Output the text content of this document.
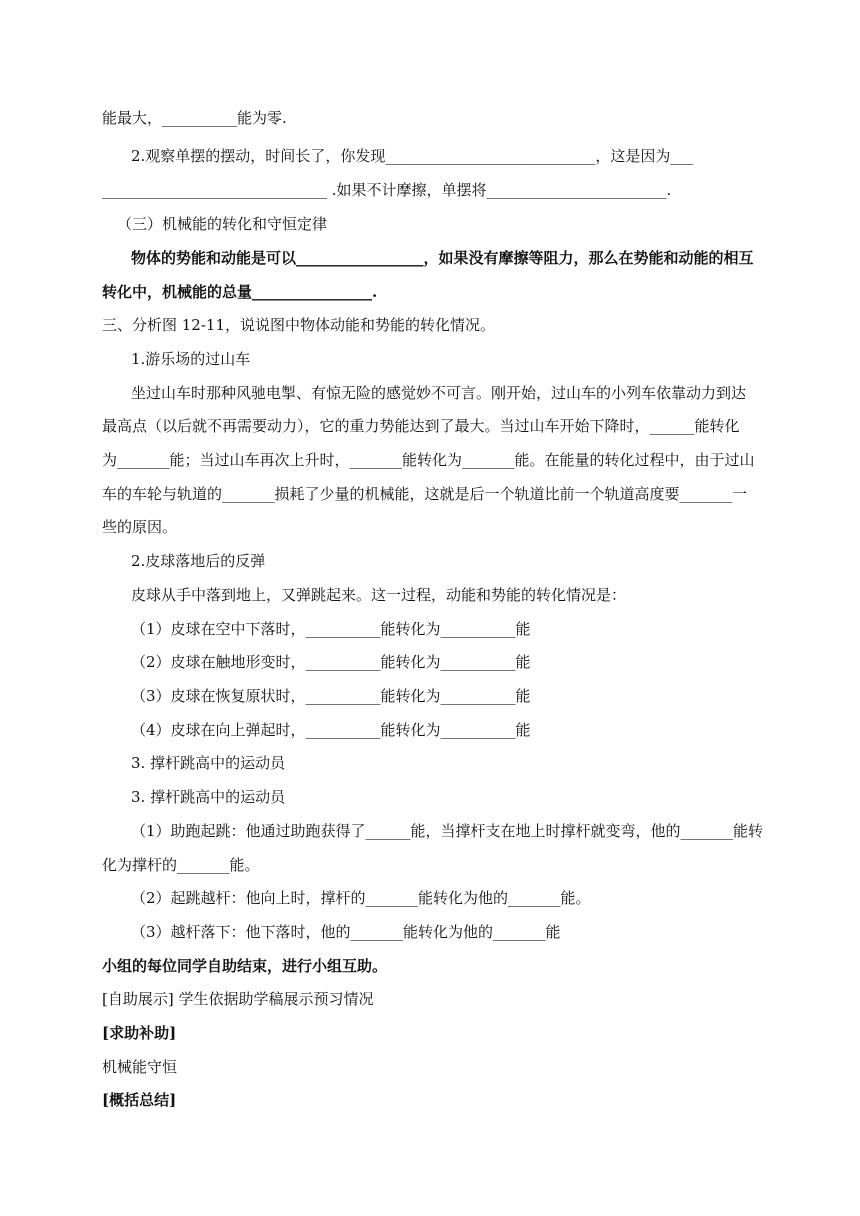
能最大，__________能为零.
2.观察单摆的摆动，时间长了，你发现____________________________，这是因为___
______________________________ .如果不计摩擦，单摆将________________________.
（三）机械能的转化和守恒定律
物体的势能和动能是可以_________________，如果没有摩擦等阻力，那么在势能和动能的相互
转化中，机械能的总量________________.
三、分析图 12-11，说说图中物体动能和势能的转化情况。
1.游乐场的过山车
坐过山车时那种风驰电掣、有惊无险的感觉妙不可言。刚开始，过山车的小列车依靠动力到达
最高点（以后就不再需要动力），它的重力势能达到了最大。当过山车开始下降时，______能转化
为_______能；当过山车再次上升时，_______能转化为_______能。在能量的转化过程中，由于过山
车的车轮与轨道的_______损耗了少量的机械能，这就是后一个轨道比前一个轨道高度要_______一
些的原因。
2.皮球落地后的反弹
皮球从手中落到地上，又弹跳起来。这一过程，动能和势能的转化情况是：
（1）皮球在空中下落时，__________能转化为__________能
（2）皮球在触地形变时，__________能转化为__________能
（3）皮球在恢复原状时，__________能转化为__________能
（4）皮球在向上弹起时，__________能转化为__________能
3. 撑杆跳高中的运动员
3. 撑杆跳高中的运动员
（1）助跑起跳：他通过助跑获得了______能，当撑杆支在地上时撑杆就变弯，他的_______能转
化为撑杆的_______能。
（2）起跳越杆：他向上时，撑杆的_______能转化为他的_______能。
（3）越杆落下：他下落时，他的_______能转化为他的_______能
小组的每位同学自助结束，进行小组互助。
[自助展示] 学生依据助学稿展示预习情况
[求助补助]
机械能守恒
[概括总结]
